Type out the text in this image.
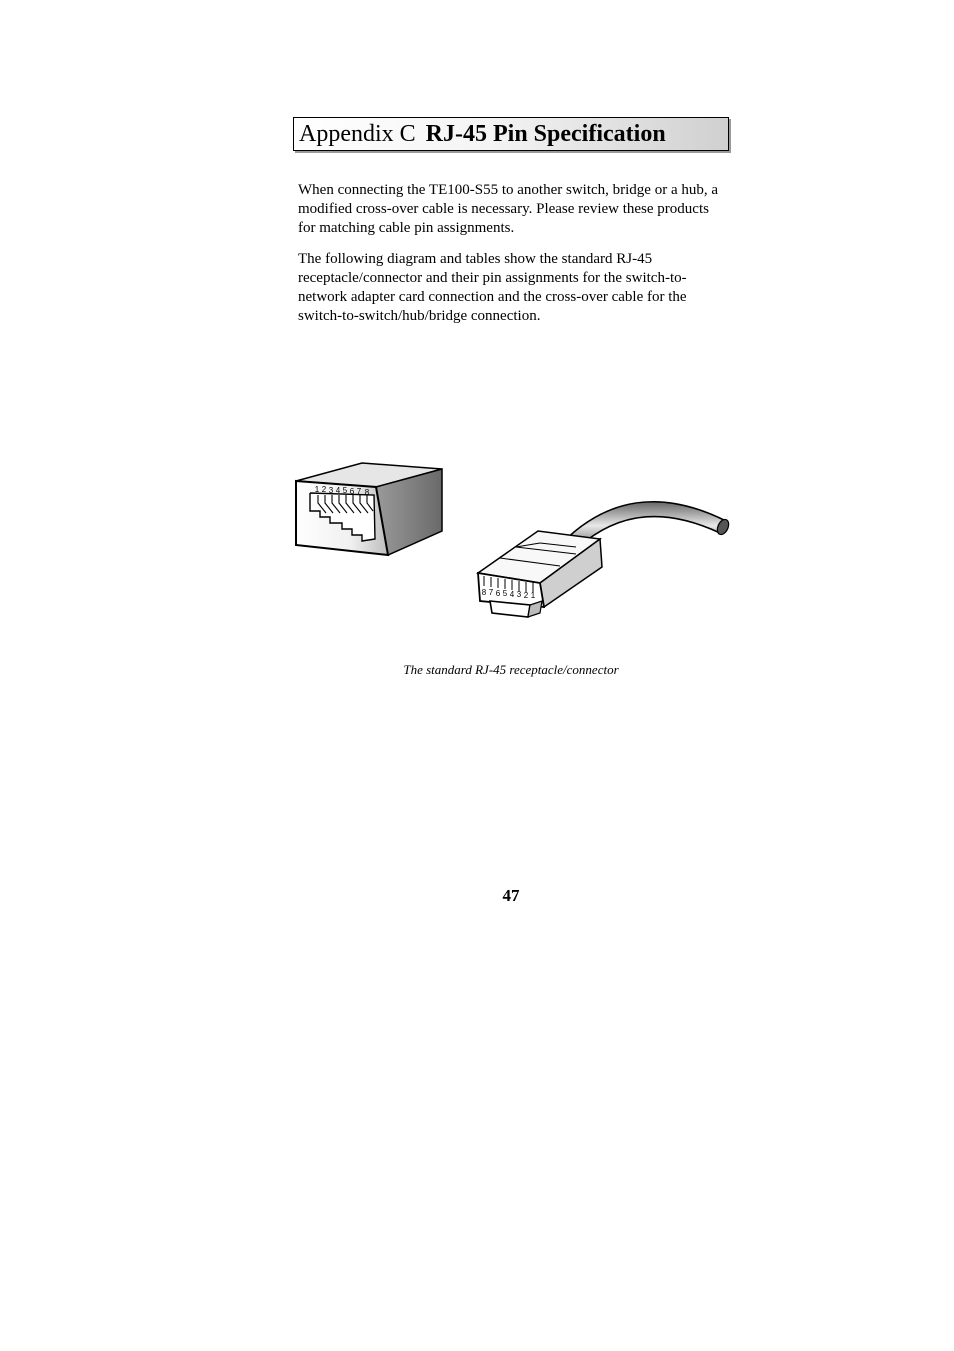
Appendix C RJ-45 Pin Specification

When connecting the TE100-S55 to another switch, bridge or a hub, a modified cross-over cable is necessary. Please review these products for matching cable pin assignments.

The following diagram and tables show the standard RJ-45 receptacle/connector and their pin assignments for the switch-to-network adapter card connection and the cross-over cable for the switch-to-switch/hub/bridge connection.

1 2 3 4 5 6 7 8
8 7 6 5 4 3 2 1
The standard RJ-45 receptacle/connector
47
